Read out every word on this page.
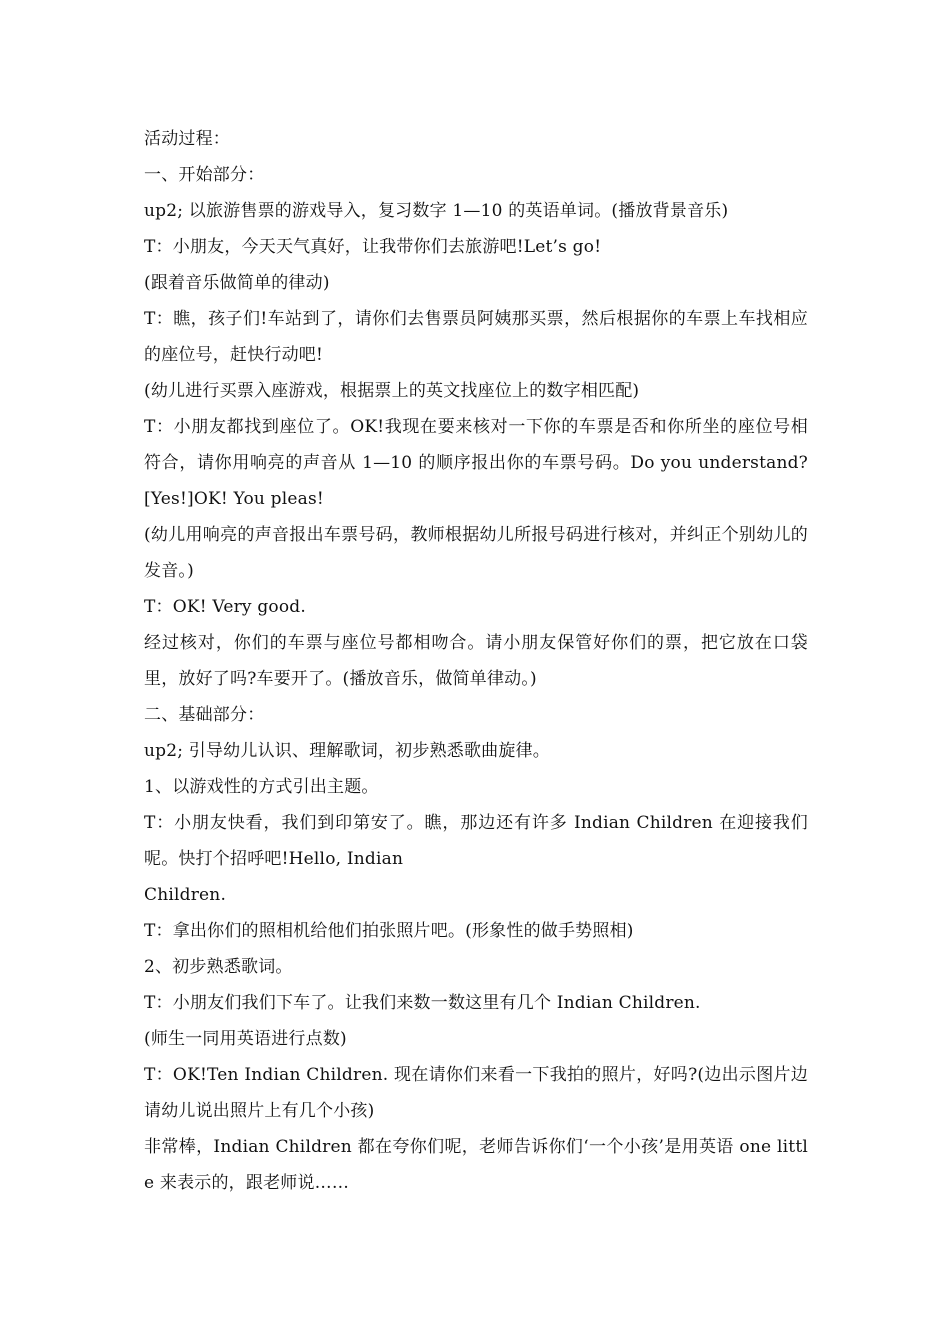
活动过程：

一、开始部分：

up2; 以旅游售票的游戏导入，复习数字 1—10 的英语单词。(播放背景音乐)

T：小朋友，今天天气真好，让我带你们去旅游吧!Let’s go!

(跟着音乐做简单的律动)

T：瞧，孩子们!车站到了，请你们去售票员阿姨那买票，然后根据你的车票上车找相应的座位号，赶快行动吧!

(幼儿进行买票入座游戏，根据票上的英文找座位上的数字相匹配)

T：小朋友都找到座位了。OK!我现在要来核对一下你的车票是否和你所坐的座位号相符合，请你用响亮的声音从 1—10 的顺序报出你的车票号码。Do you understand?[Yes!]OK! You pleas!

(幼儿用响亮的声音报出车票号码，教师根据幼儿所报号码进行核对，并纠正个别幼儿的发音。)

T：OK! Very good.

经过核对，你们的车票与座位号都相吻合。请小朋友保管好你们的票，把它放在口袋里，放好了吗?车要开了。(播放音乐，做简单律动。)

二、基础部分：

up2; 引导幼儿认识、理解歌词，初步熟悉歌曲旋律。

1、以游戏性的方式引出主题。

T：小朋友快看，我们到印第安了。瞧，那边还有许多 Indian Children 在迎接我们呢。快打个招呼吧!Hello, Indian

Children.

T：拿出你们的照相机给他们拍张照片吧。(形象性的做手势照相)

2、初步熟悉歌词。

T：小朋友们我们下车了。让我们来数一数这里有几个 Indian Children.

(师生一同用英语进行点数)

T：OK!Ten Indian Children. 现在请你们来看一下我拍的照片，好吗?(边出示图片边请幼儿说出照片上有几个小孩)

非常棒，Indian Children 都在夸你们呢，老师告诉你们‘一个小孩’是用英语 one little 来表示的，跟老师说……
